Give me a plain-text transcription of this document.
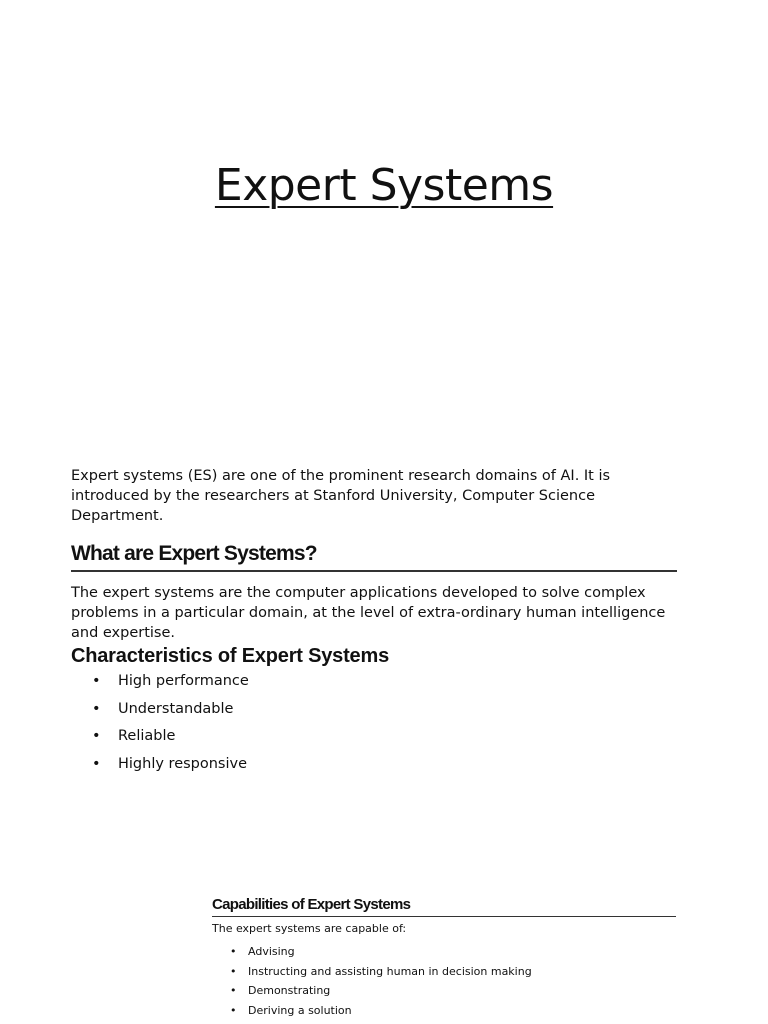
Expert Systems

Expert systems (ES) are one of the prominent research domains of AI. It is introduced by the researchers at Stanford University, Computer Science Department.

What are Expert Systems?

The expert systems are the computer applications developed to solve complex problems in a particular domain, at the level of extra-ordinary human intelligence and expertise.

Characteristics of Expert Systems
• High performance
• Understandable
• Reliable
• Highly responsive
Capabilities of Expert Systems

The expert systems are capable of:

• Advising
• Instructing and assisting human in decision making
• Demonstrating
• Deriving a solution
